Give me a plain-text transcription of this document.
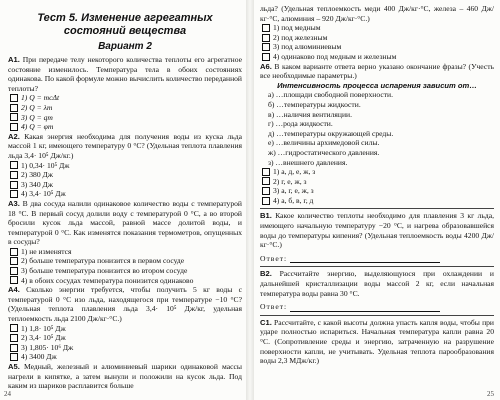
Тест 5. Изменение агрегатных состояний вещества
Вариант 2

А1. При передаче телу некоторого количества теплоты его агрегатное состояние изменилось. Температура тела в обоих состояниях одинакова. По какой формуле можно вычислить количество переданной теплоты?

1) Q = mcΔt
2) Q = λm
3) Q = qm
4) Q = φm

А2. Какая энергия необходима для получения воды из куска льда массой 1 кг, имеющего температуру 0 °С? (Удельная теплота плавления льда 3,4· 10⁵ Дж/кг.)

1) 0,34· 10⁵ Дж
2) 380 Дж
3) 340 Дж
4) 3,4· 10⁵ Дж

А3. В два сосуда налили одинаковое количество воды с температурой 18 °С. В первый сосуд долили воду с температурой 0 °С, а во второй бросили кусок льда массой, равной массе долитой воды, и температурой 0 °С. Как изменятся показания термометров, опущенных в сосуды?

1) не изменятся
2) больше температура понизится в первом сосуде
3) больше температура понизится во втором сосуде
4) в обоих сосудах температура понизится одинаково

А4. Сколько энергии требуется, чтобы получить 5 кг воды с температурой 0 °С изо льда, находящегося при температуре −10 °С? (Удельная теплота плавления льда 3,4· 10⁵ Дж/кг, удельная теплоемкость льда 2100 Дж/кг·°С.)

1) 1,8· 10⁵ Дж
2) 3,4· 10⁵ Дж
3) 1,805· 10⁶ Дж
4) 3400 Дж

А5. Медный, железный и алюминиевый шарики одинаковой массы нагрели в кипятке, а затем вынули и положили на кусок льда. Под каким из шариков расплавится больше

24

льда? (Удельная теплоемкость меди 400 Дж/кг·°С, железа – 460 Дж/кг·°С, алюминия – 920 Дж/кг·°С.)

1) под медным
2) под железным
3) под алюминиевым
4) одинаково под медным и железным

А6. В каком варианте ответа верно указано окончание фразы? (Учесть все необходимые параметры.)

Интенсивность процесса испарения зависит от…

а) …площади свободной поверхности.
б) …температуры жидкости.
в) …наличия вентиляции.
г) …рода жидкости.
д) …температуры окружающей среды.
е) …величины архимедовой силы.
ж) …гидростатического давления.
з) …внешнего давления.
1) а, д, е, ж, з
2) г, е, ж, з
3) а, г, е, ж, з
4) а, б, в, г, д

В1. Какое количество теплоты необходимо для плавления 3 кг льда, имеющего начальную температуру −20 °С, и нагрева образовавшейся воды до температуры кипения? (Удельная теплоемкость воды 4200 Дж/кг·°С.)

Ответ:

В2. Рассчитайте энергию, выделяющуюся при охлаждении и дальнейшей кристаллизации воды массой 2 кг, если начальная температура воды равна 30 °С.

Ответ:

С1. Рассчитайте, с какой высоты должна упасть капля воды, чтобы при ударе полностью испариться. Начальная температура капли равна 20 °С. (Сопротивление среды и энергию, затраченную на разрушение поверхности капли, не учитывать. Удельная теплота парообразования воды 2,3 МДж/кг.)

25
